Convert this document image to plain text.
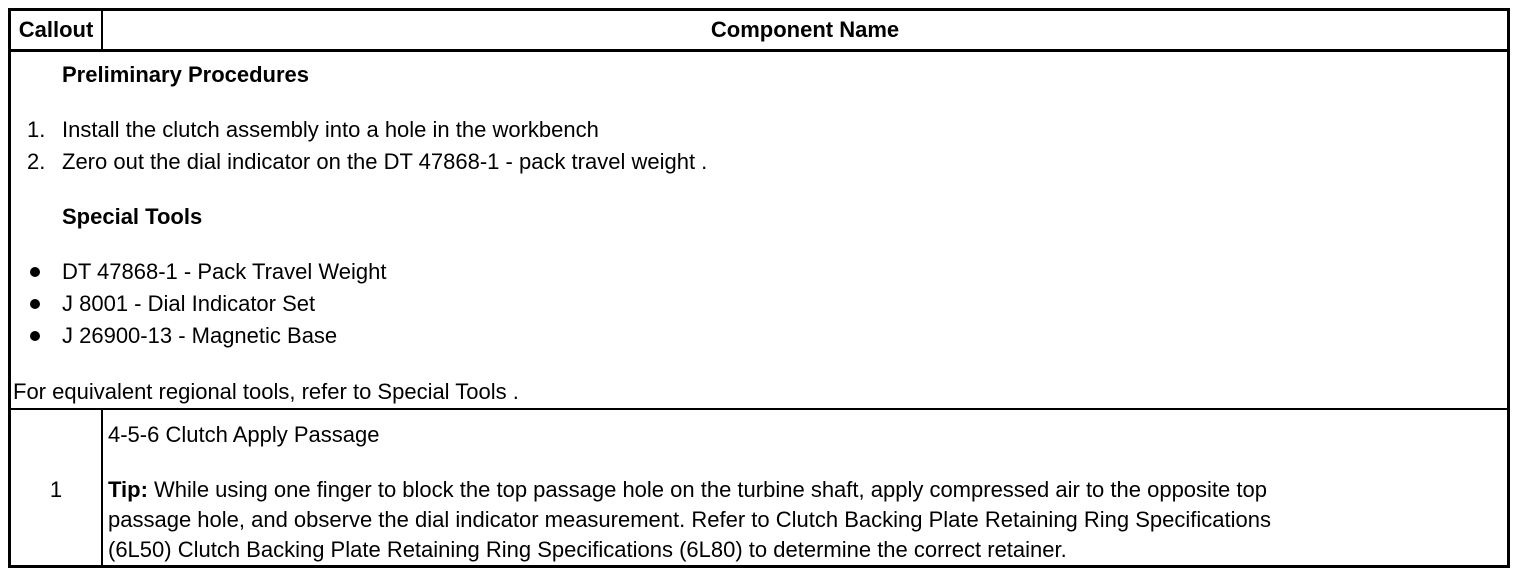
Callout	Component Name
Preliminary Procedures
1. Install the clutch assembly into a hole in the workbench
2. Zero out the dial indicator on the DT 47868-1 - pack travel weight .
Special Tools
DT 47868-1 - Pack Travel Weight
J 8001 - Dial Indicator Set
J 26900-13 - Magnetic Base
For equivalent regional tools, refer to Special Tools .
1
4-5-6 Clutch Apply Passage
Tip: While using one finger to block the top passage hole on the turbine shaft, apply compressed air to the opposite top
passage hole, and observe the dial indicator measurement. Refer to Clutch Backing Plate Retaining Ring Specifications
(6L50) Clutch Backing Plate Retaining Ring Specifications (6L80) to determine the correct retainer.
